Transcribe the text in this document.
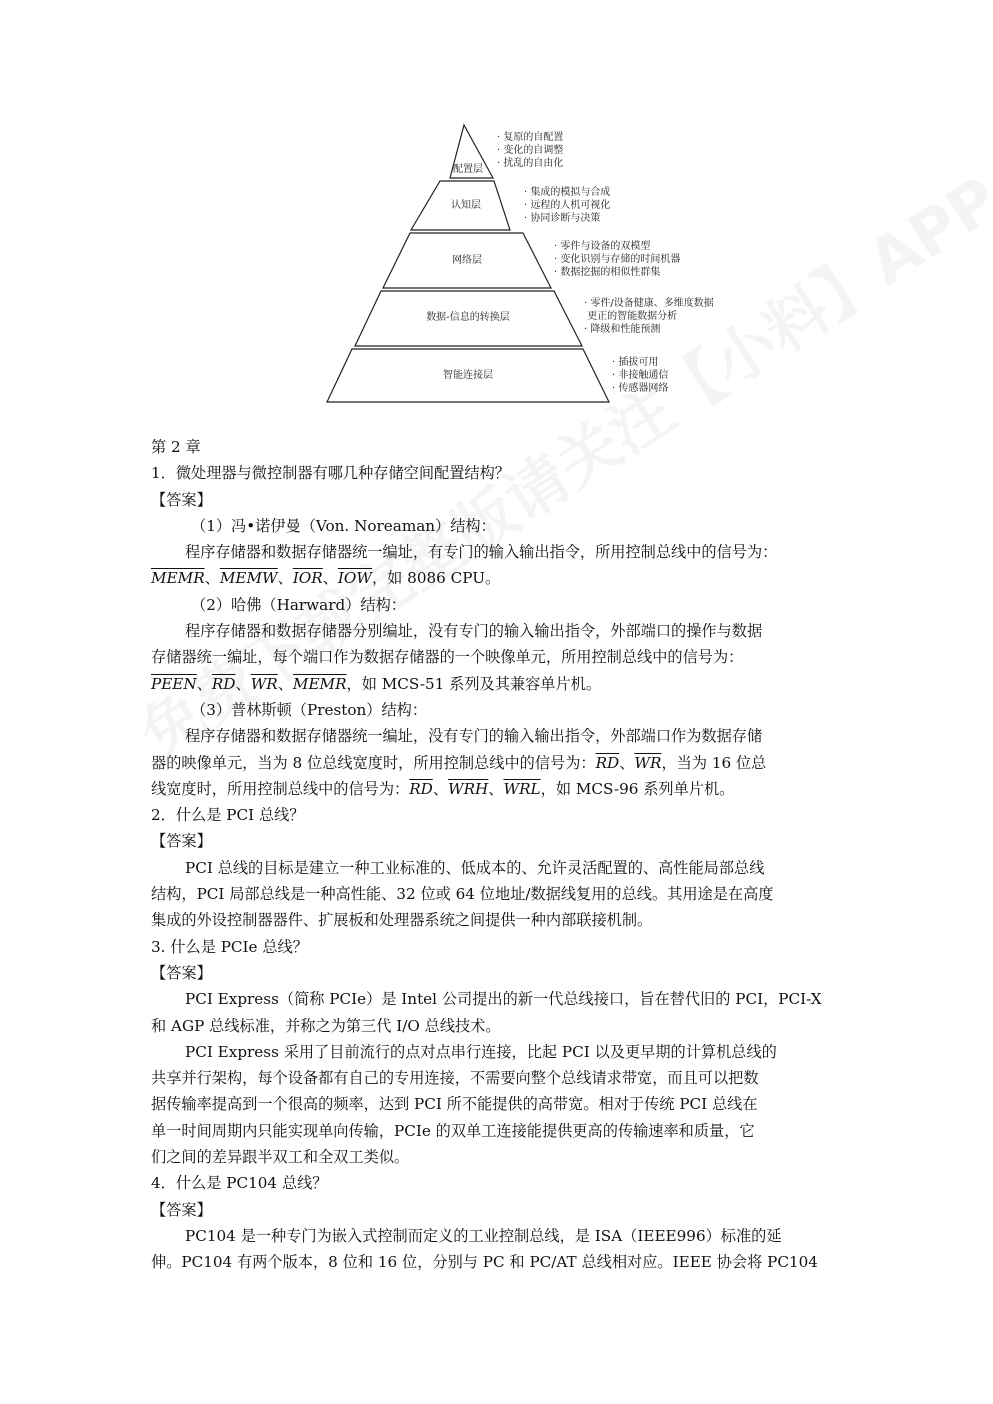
配置层
认知层
网络层
数据-信息的转换层
智能连接层
· 复原的自配置
· 变化的自调整
· 扰乱的自由化
· 集成的模拟与合成
· 远程的人机可视化
· 协同诊断与决策
· 零件与设备的双模型
· 变化识别与存储的时间机器
· 数据挖掘的相似性群集
· 零件/设备健康、多维度数据
更正的智能数据分析
· 降级和性能预测
· 插拔可用
· 非接触通信
· 传感器网络

第 2 章

1．微处理器与微控制器有哪几种存储空间配置结构？

【答案】

（1）冯•诺伊曼（Von. Noreaman）结构：

程序存储器和数据存储器统一编址，有专门的输入输出指令，所用控制总线中的信号为：

MEMR、MEMW、$\overline{IOR}$、$\overline{IOW}$，如 8086 CPU。

（2）哈佛（Harward）结构：

程序存储器和数据存储器分别编址，没有专门的输入输出指令，外部端口的操作与数据

存储器统一编址，每个端口作为数据存储器的一个映像单元，所用控制总线中的信号为：

PEEN、$\overline{RD}$、$\overline{WR}$、MEMR，如 MCS-51 系列及其兼容单片机。

（3）普林斯顿（Preston）结构：

程序存储器和数据存储器统一编址，没有专门的输入输出指令，外部端口作为数据存储

器的映像单元，当为 8 位总线宽度时，所用控制总线中的信号为：$\overline{RD}$、$\overline{WR}$，当为 16 位总

线宽度时，所用控制总线中的信号为：$\overline{RD}$、$\overline{WRH}$、$\overline{WRL}$，如 MCS-96 系列单片机。

2．什么是 PCI 总线？

【答案】

PCI 总线的目标是建立一种工业标准的、低成本的、允许灵活配置的、高性能局部总线

结构，PCI 局部总线是一种高性能、32 位或 64 位地址/数据线复用的总线。其用途是在高度

集成的外设控制器器件、扩展板和处理器系统之间提供一种内部联接机制。

3. 什么是 PCIe 总线？

【答案】

PCI Express（简称 PCIe）是 Intel 公司提出的新一代总线接口，旨在替代旧的 PCI，PCI-X

和 AGP 总线标准，并称之为第三代 I/O 总线技术。

PCI Express 采用了目前流行的点对点串行连接，比起 PCI 以及更早期的计算机总线的

共享并行架构，每个设备都有自己的专用连接，不需要向整个总线请求带宽，而且可以把数

据传输率提高到一个很高的频率，达到 PCI 所不能提供的高带宽。相对于传统 PCI 总线在

单一时间周期内只能实现单向传输，PCIe 的双单工连接能提供更高的传输速率和质量，它

们之间的差异跟半双工和全双工类似。

4．什么是 PC104 总线？

【答案】

PC104 是一种专门为嵌入式控制而定义的工业控制总线，是 ISA（IEEE996）标准的延

伸。PC104 有两个版本，8 位和 16 位，分别与 PC 和 PC/AT 总线相对应。IEEE 协会将 PC104
